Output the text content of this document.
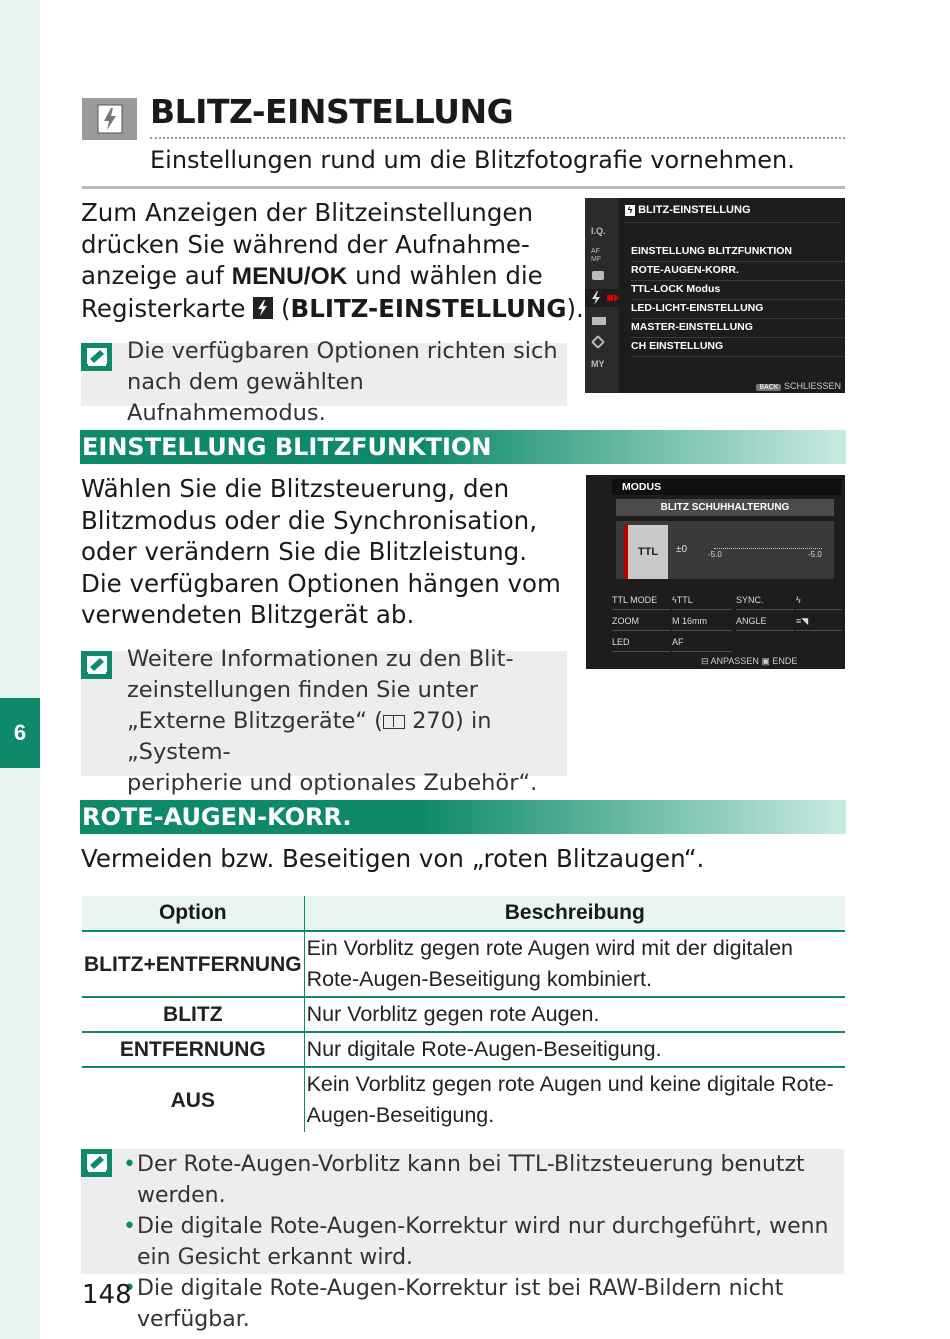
6
BLITZ-EINSTELLUNG
Einstellungen rund um die Blitzfotografie vornehmen.
Zum Anzeigen der Blitzeinstellungen
drücken Sie während der Aufnahme-
anzeige auf MENU/OK und wählen die
Registerkarte
(BLITZ-EINSTELLUNG).
Die verfügbaren Optionen richten sich
nach dem gewählten Aufnahmemodus.
I.Q.
AF MF
MY
ϟ BLITZ-EINSTELLUNG
EINSTELLUNG BLITZFUNKTION
ROTE-AUGEN-KORR.
TTL-LOCK Modus
LED-LICHT-EINSTELLUNG
MASTER-EINSTELLUNG
CH EINSTELLUNG
BACK SCHLIESSEN
EINSTELLUNG BLITZFUNKTION
Wählen Sie die Blitzsteuerung, den
Blitzmodus oder die Synchronisation,
oder verändern Sie die Blitzleistung.
Die verfügbaren Optionen hängen vom
verwendeten Blitzgerät ab.
Weitere Informationen zu den Blit-
zeinstellungen finden Sie unter
„Externe Blitzgeräte“ (
270) in „System-
peripherie und optionales Zubehör“.
MODUS
BLITZ SCHUHHALTERUNG
TTL	±0	-5.0	-5.0
TTL MODE	ϟTTL	SYNC.	ϟ
ZOOM	M 16mm	ANGLE	≡◥
LED	AF
⊟ ANPASSEN ▣ ENDE
ROTE-AUGEN-KORR.
Vermeiden bzw. Beseitigen von „roten Blitzaugen“.
Option	Beschreibung
BLITZ+ENTFERNUNG	Ein Vorblitz gegen rote Augen wird mit der digitalen
Rote-Augen-Beseitigung kombiniert.

BLITZ	Nur Vorblitz gegen rote Augen.
ENTFERNUNG	Nur digitale Rote-Augen-Beseitigung.
AUS	Kein Vorblitz gegen rote Augen und keine digitale Rote-
Augen-Beseitigung.
• Der Rote-Augen-Vorblitz kann bei TTL-Blitzsteuerung benutzt werden.
• Die digitale Rote-Augen-Korrektur wird nur durchgeführt, wenn ein Gesicht erkannt wird.
• Die digitale Rote-Augen-Korrektur ist bei RAW-Bildern nicht verfügbar.
148
